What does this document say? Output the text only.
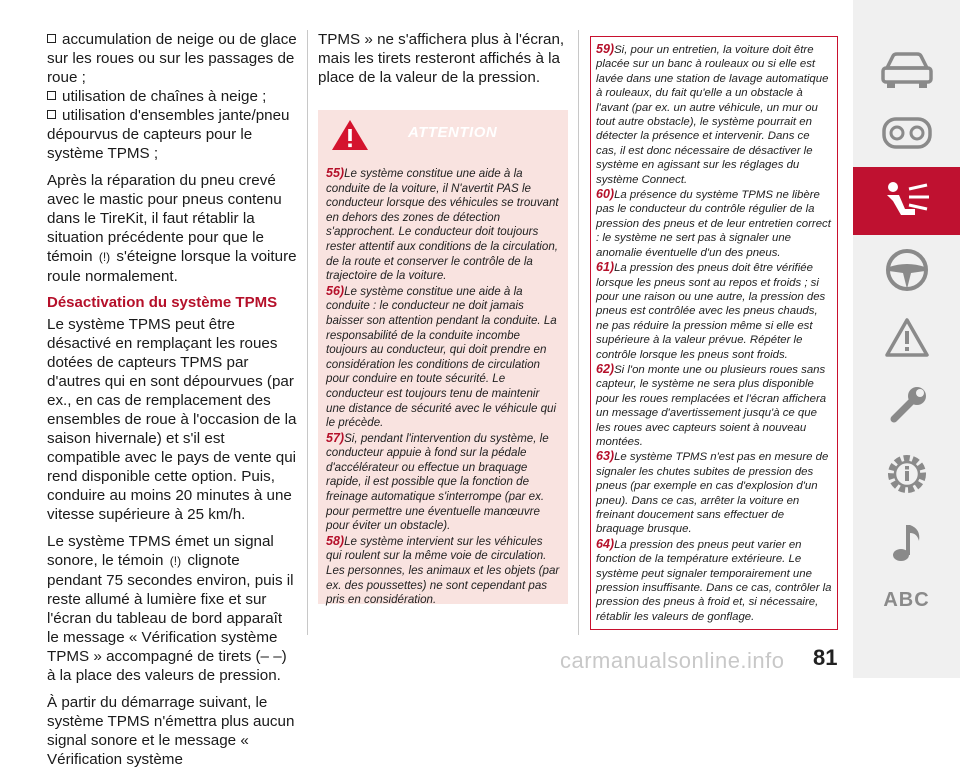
accumulation de neige ou de glace sur les roues ou sur les passages de roue ;
utilisation de chaînes à neige ;
utilisation d'ensembles jante/pneu dépourvus de capteurs pour le système TPMS ;

Après la réparation du pneu crevé avec le mastic pour pneus contenu dans le TireKit, il faut rétablir la situation précédente pour que le témoin (!) s'éteigne lorsque la voiture roule normalement.

Désactivation du système TPMS

Le système TPMS peut être désactivé en remplaçant les roues dotées de capteurs TPMS par d'autres qui en sont dépourvues (par ex., en cas de remplacement des ensembles de roue à l'occasion de la saison hivernale) et s'il est compatible avec le pays de vente qui rend disponible cette option. Puis, conduire au moins 20 minutes à une vitesse supérieure à 25 km/h.

Le système TPMS émet un signal sonore, le témoin (!) clignote pendant 75 secondes environ, puis il reste allumé à lumière fixe et sur l'écran du tableau de bord apparaît le message « Vérification système TPMS » accompagné de tirets (– –) à la place des valeurs de pression.

À partir du démarrage suivant, le système TPMS n'émettra plus aucun signal sonore et le message « Vérification système

TPMS » ne s'affichera plus à l'écran, mais les tirets resteront affichés à la place de la valeur de la pression.

ATTENTION

55)Le système constitue une aide à la conduite de la voiture, il N'avertit PAS le conducteur lorsque des véhicules se trouvant en dehors des zones de détection s'approchent. Le conducteur doit toujours rester attentif aux conditions de la circulation, de la route et conserver le contrôle de la trajectoire de la voiture.

56)Le système constitue une aide à la conduite : le conducteur ne doit jamais baisser son attention pendant la conduite. La responsabilité de la conduite incombe toujours au conducteur, qui doit prendre en considération les conditions de circulation pour conduire en toute sécurité. Le conducteur est toujours tenu de maintenir une distance de sécurité avec le véhicule qui le précède.

57)Si, pendant l'intervention du système, le conducteur appuie à fond sur la pédale d'accélérateur ou effectue un braquage rapide, il est possible que la fonction de freinage automatique s'interrompe (par ex. pour permettre une éventuelle manœuvre pour éviter un obstacle).

58)Le système intervient sur les véhicules qui roulent sur la même voie de circulation. Les personnes, les animaux et les objets (par ex. des poussettes) ne sont cependant pas pris en considération.

59)Si, pour un entretien, la voiture doit être placée sur un banc à rouleaux ou si elle est lavée dans une station de lavage automatique à rouleaux, du fait qu'elle a un obstacle à l'avant (par ex. un autre véhicule, un mur ou tout autre obstacle), le système pourrait en détecter la présence et intervenir. Dans ce cas, il est donc nécessaire de désactiver le système en agissant sur les réglages du système Connect.

60)La présence du système TPMS ne libère pas le conducteur du contrôle régulier de la pression des pneus et de leur entretien correct : le système ne sert pas à signaler une anomalie éventuelle d'un des pneus.

61)La pression des pneus doit être vérifiée lorsque les pneus sont au repos et froids ; si pour une raison ou une autre, la pression des pneus est contrôlée avec les pneus chauds, ne pas réduire la pression même si elle est supérieure à la valeur prévue. Répéter le contrôle lorsque les pneus sont froids.

62)Si l'on monte une ou plusieurs roues sans capteur, le système ne sera plus disponible pour les roues remplacées et l'écran affichera un message d'avertissement jusqu'à ce que les roues avec capteurs soient à nouveau montées.

63)Le système TPMS n'est pas en mesure de signaler les chutes subites de pression des pneus (par exemple en cas d'explosion d'un pneu). Dans ce cas, arrêter la voiture en freinant doucement sans effectuer de braquage brusque.

64)La pression des pneus peut varier en fonction de la température extérieure. Le système peut signaler temporairement une pression insuffisante. Dans ce cas, contrôler la pression des pneus à froid et, si nécessaire, rétablir les valeurs de gonflage.

ABC
carmanualsonline.info 81
